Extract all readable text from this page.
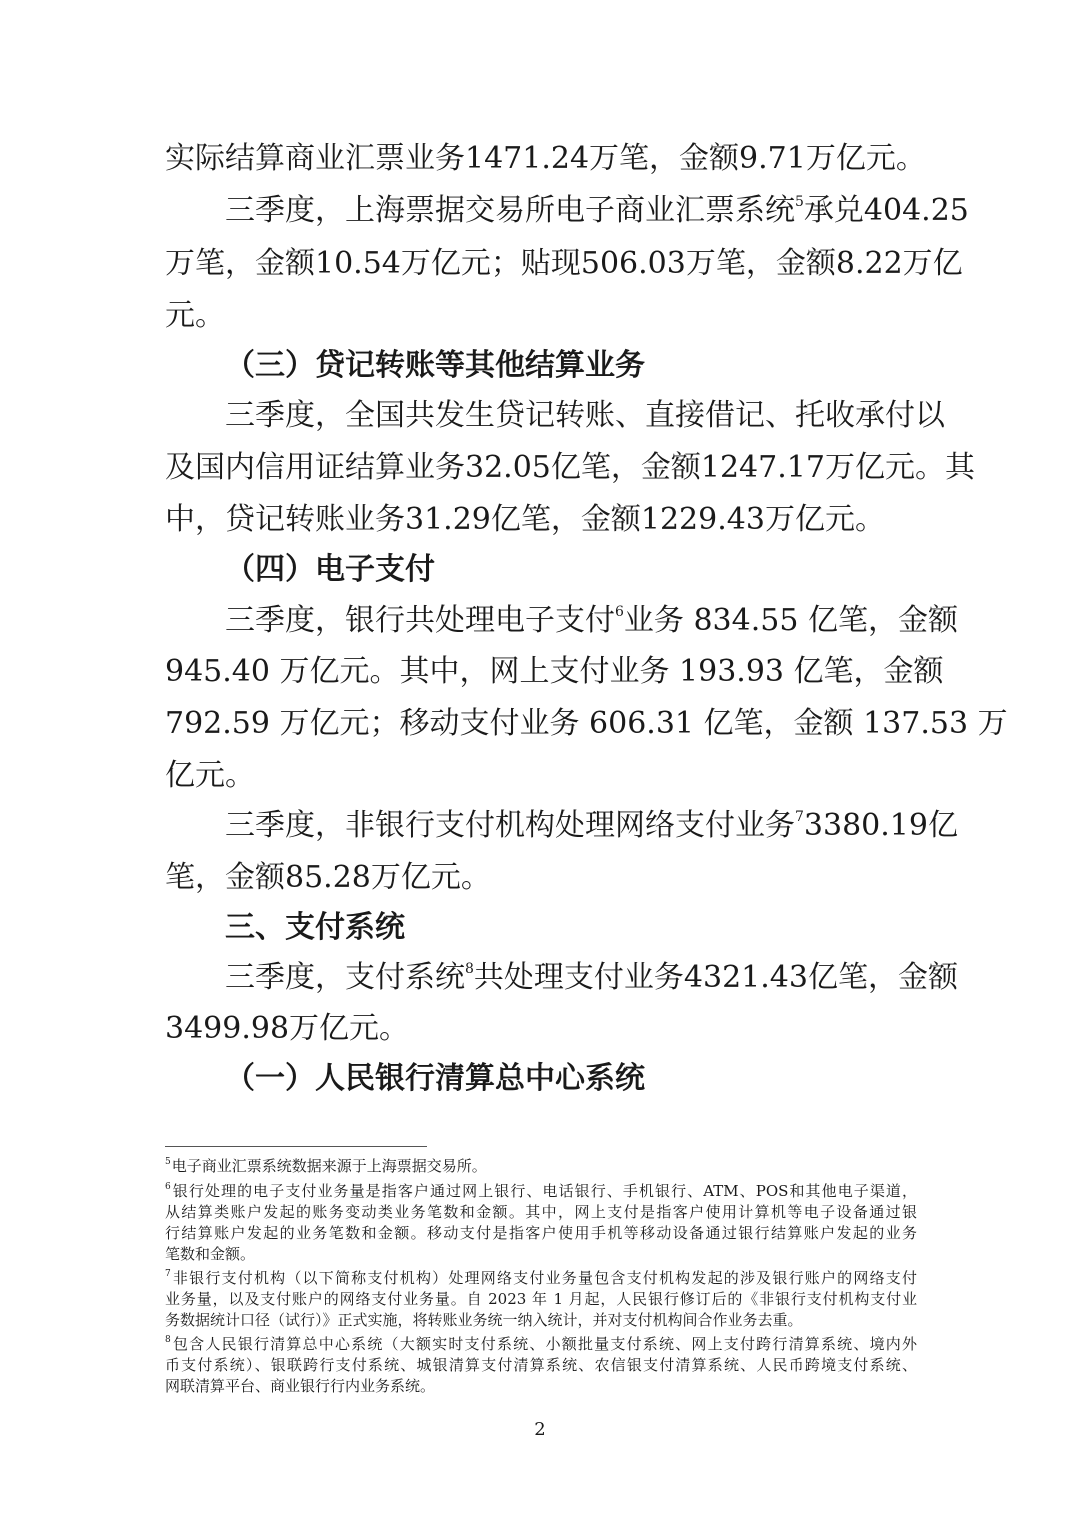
实际结算商业汇票业务1471.24万笔，金额9.71万亿元。
三季度，上海票据交易所电子商业汇票系统$^5$承兑404.25
万笔，金额10.54万亿元；贴现506.03万笔，金额8.22万亿
元。
（三）贷记转账等其他结算业务
三季度，全国共发生贷记转账、直接借记、托收承付以
及国内信用证结算业务32.05亿笔，金额1247.17万亿元。其
中，贷记转账业务31.29亿笔，金额1229.43万亿元。
（四）电子支付
三季度，银行共处理电子支付$^6$业务 834.55 亿笔，金额
945.40 万亿元。其中，网上支付业务 193.93 亿笔，金额
792.59 万亿元；移动支付业务 606.31 亿笔，金额 137.53 万
亿元。
三季度，非银行支付机构处理网络支付业务$^7$3380.19亿
笔，金额85.28万亿元。
三、支付系统
三季度，支付系统$^8$共处理支付业务4321.43亿笔，金额
3499.98万亿元。
（一）人民银行清算总中心系统
$^5$电子商业汇票系统数据来源于上海票据交易所。
$^6$银行处理的电子支付业务量是指客户通过网上银行、电话银行、手机银行、ATM、POS和其他电子渠道，
从结算类账户发起的账务变动类业务笔数和金额。其中，网上支付是指客户使用计算机等电子设备通过银
行结算账户发起的业务笔数和金额。移动支付是指客户使用手机等移动设备通过银行结算账户发起的业务
笔数和金额。
$^7$非银行支付机构（以下简称支付机构）处理网络支付业务量包含支付机构发起的涉及银行账户的网络支付
业务量，以及支付账户的网络支付业务量。自 2023 年 1 月起，人民银行修订后的《非银行支付机构支付业
务数据统计口径（试行）》正式实施，将转账业务统一纳入统计，并对支付机构间合作业务去重。
$^8$包含人民银行清算总中心系统（大额实时支付系统、小额批量支付系统、网上支付跨行清算系统、境内外
币支付系统）、银联跨行支付系统、城银清算支付清算系统、农信银支付清算系统、人民币跨境支付系统、
网联清算平台、商业银行行内业务系统。
2
